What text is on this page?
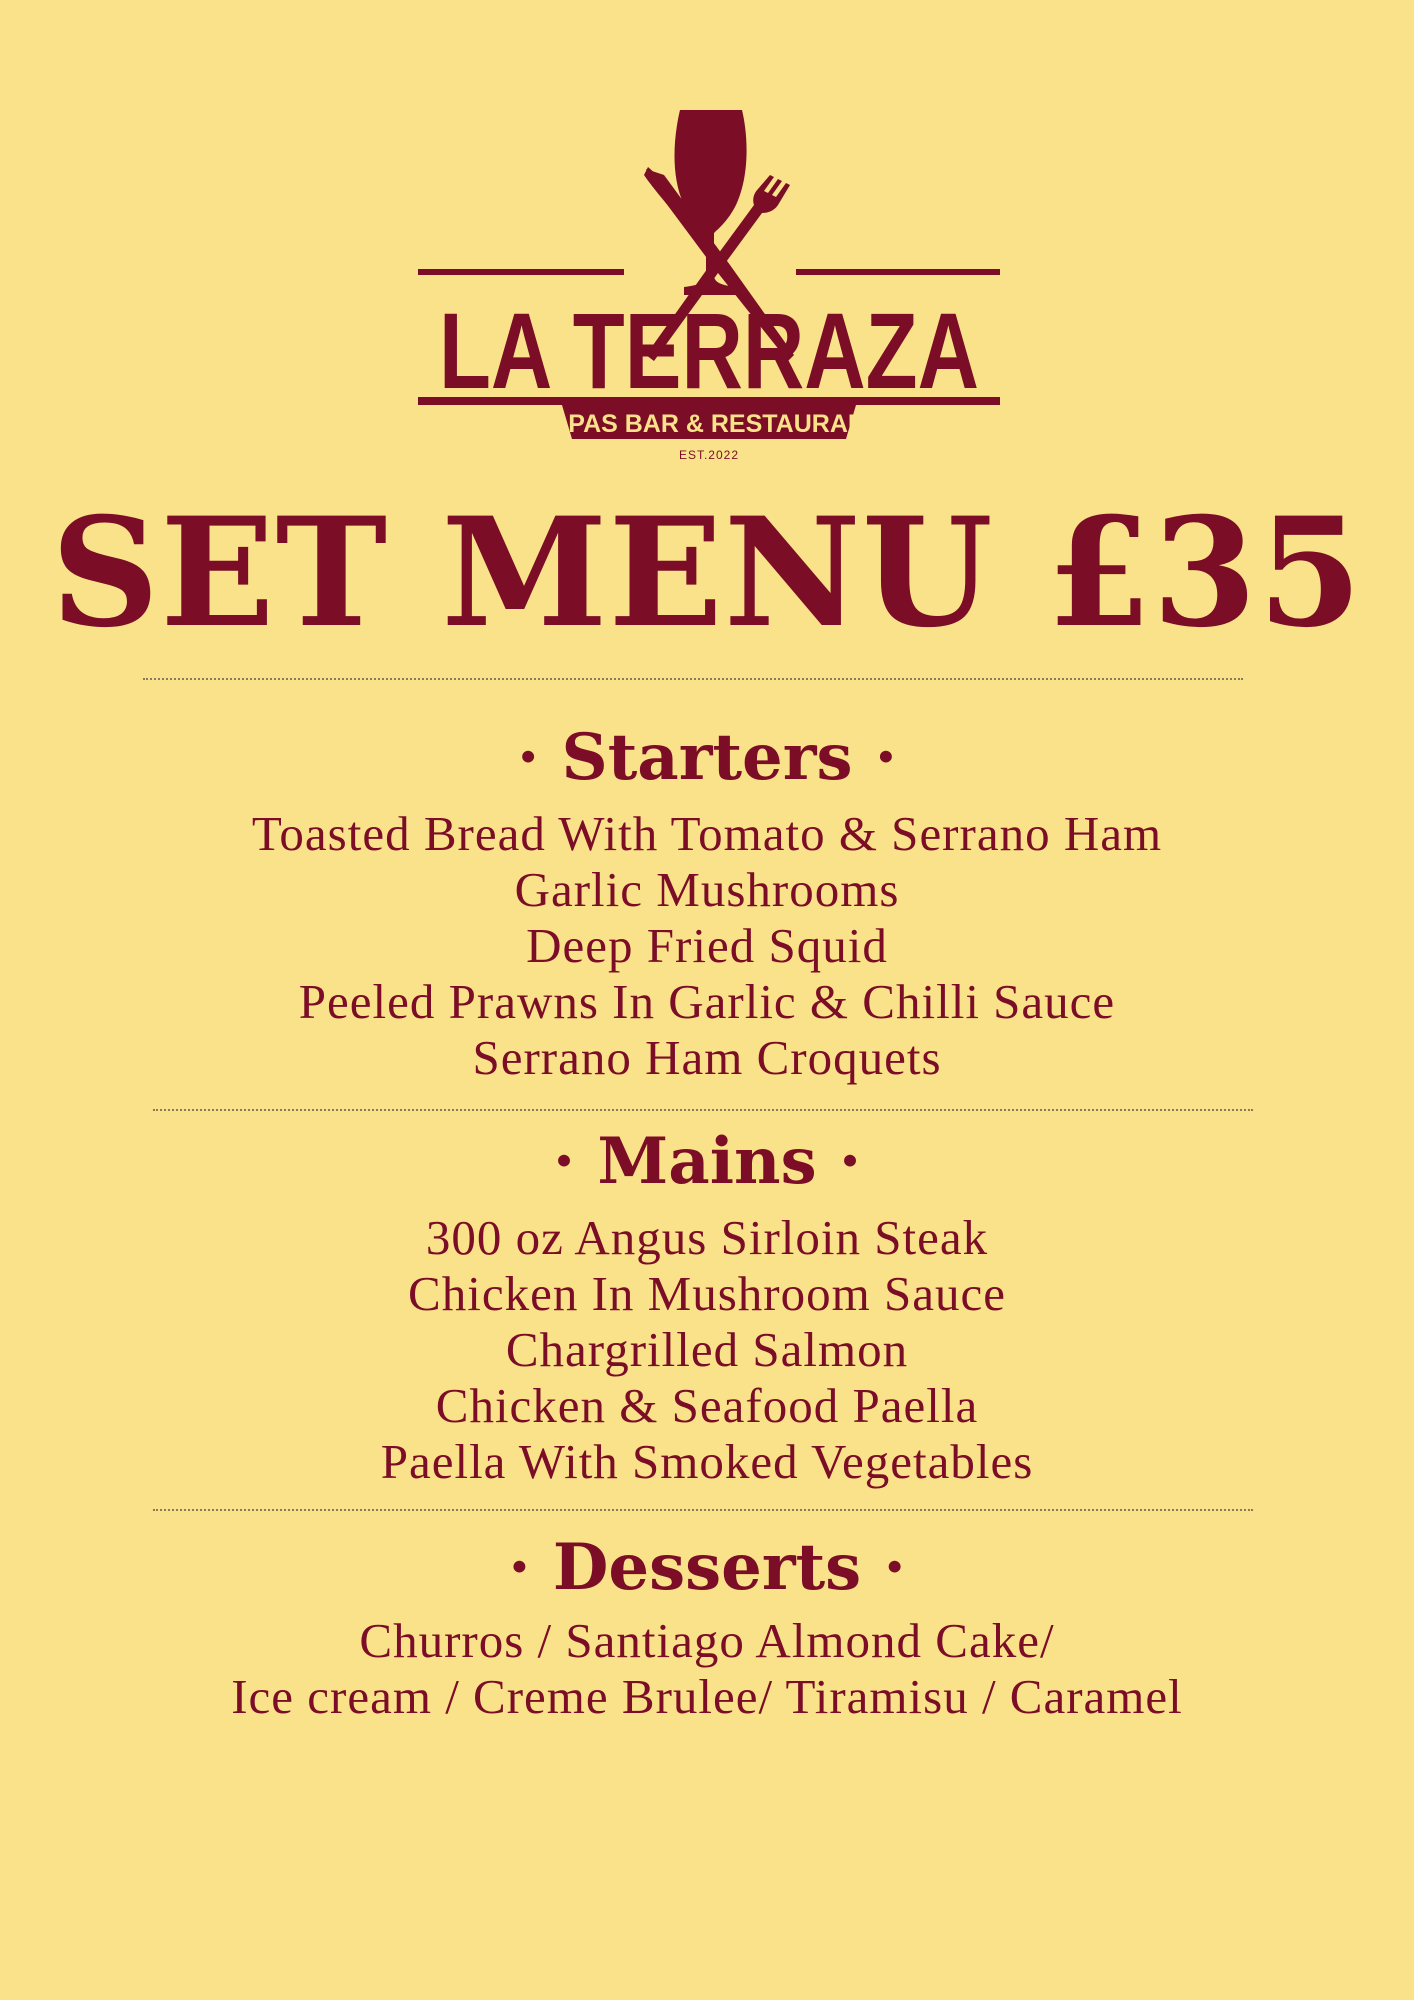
TAPAS BAR & RESTAURANT
EST.2022
LA TERRAZA
SET MENU £35
· Starters ·
Toasted Bread With Tomato & Serrano Ham
Garlic Mushrooms
Deep Fried Squid
Peeled Prawns In Garlic & Chilli Sauce
Serrano Ham Croquets
· Mains ·
300 oz Angus Sirloin Steak
Chicken In Mushroom Sauce
Chargrilled Salmon
Chicken & Seafood Paella
Paella With Smoked Vegetables
· Desserts ·
Churros / Santiago Almond Cake/
Ice cream / Creme Brulee/ Tiramisu / Caramel
